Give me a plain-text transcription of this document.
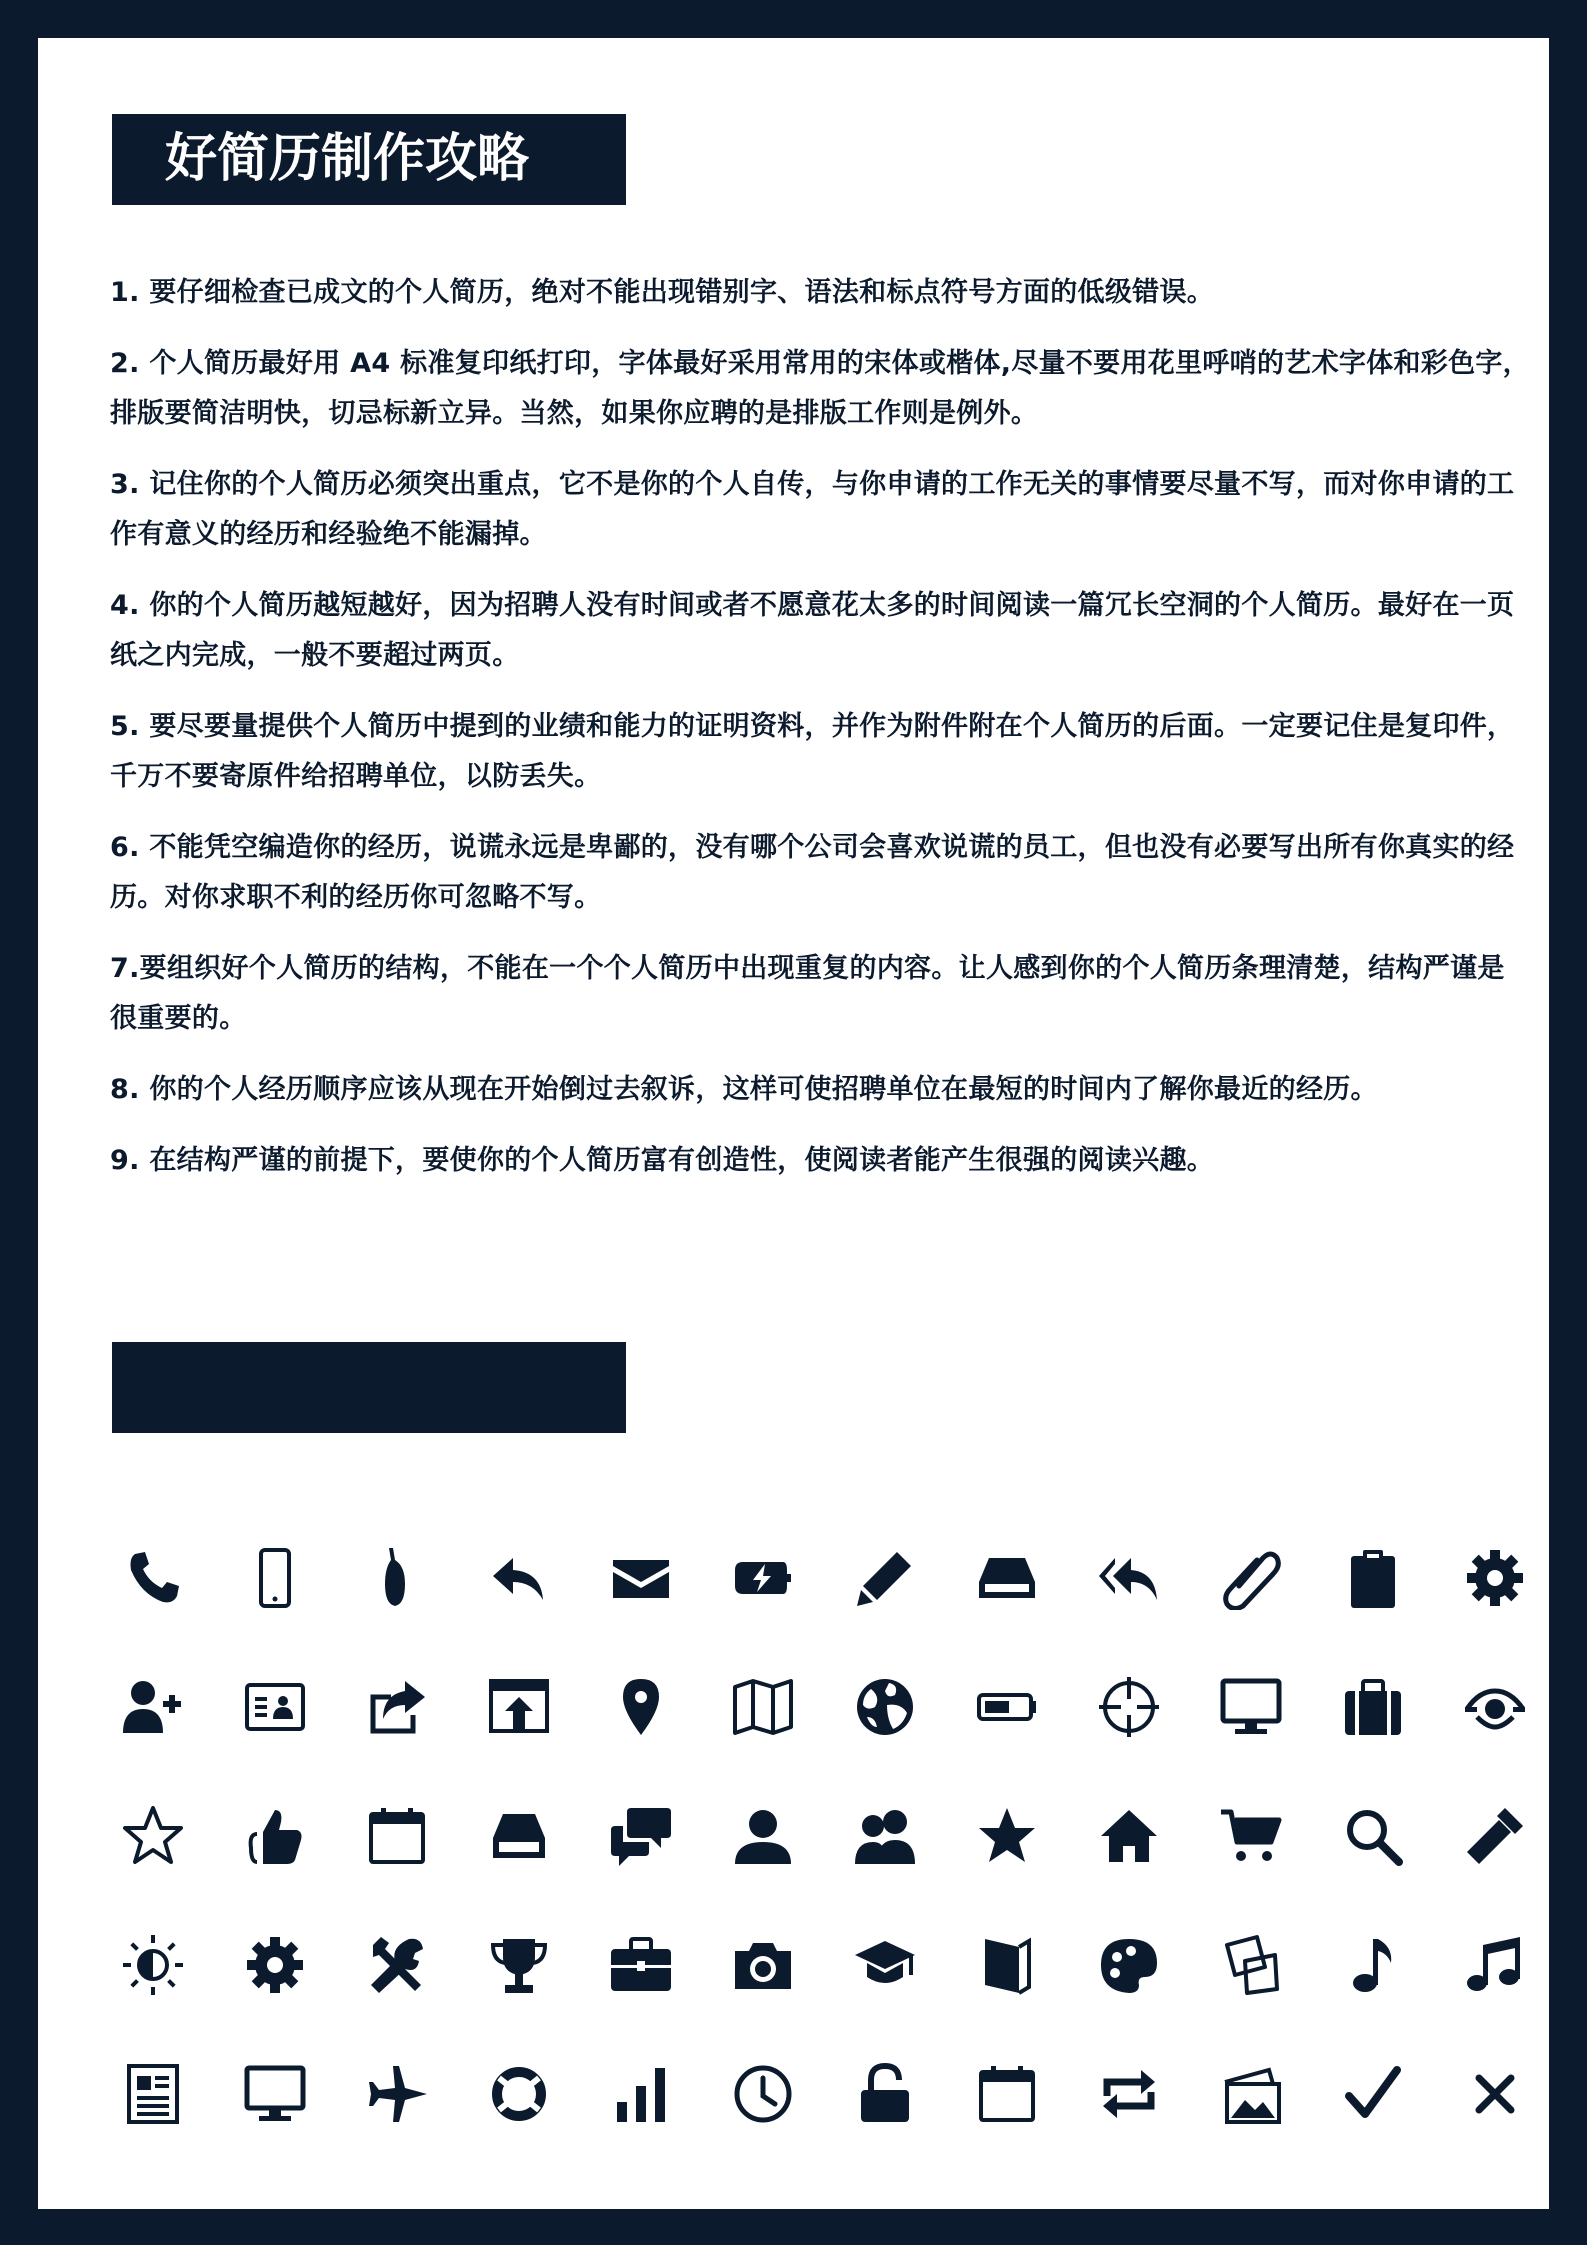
好简历制作攻略
1. 要仔细检查已成文的个人简历，绝对不能出现错别字、语法和标点符号方面的低级错误。
2. 个人简历最好用 A4 标准复印纸打印，字体最好采用常用的宋体或楷体,尽量不要用花里呼哨的艺术字体和彩色字，排版要简洁明快，切忌标新立异。当然，如果你应聘的是排版工作则是例外。
3. 记住你的个人简历必须突出重点，它不是你的个人自传，与你申请的工作无关的事情要尽量不写，而对你申请的工作有意义的经历和经验绝不能漏掉。
4. 你的个人简历越短越好，因为招聘人没有时间或者不愿意花太多的时间阅读一篇冗长空洞的个人简历。最好在一页纸之内完成，一般不要超过两页。
5. 要尽要量提供个人简历中提到的业绩和能力的证明资料，并作为附件附在个人简历的后面。一定要记住是复印件，千万不要寄原件给招聘单位，以防丢失。
6. 不能凭空编造你的经历，说谎永远是卑鄙的，没有哪个公司会喜欢说谎的员工，但也没有必要写出所有你真实的经历。对你求职不利的经历你可忽略不写。
7.要组织好个人简历的结构，不能在一个个人简历中出现重复的内容。让人感到你的个人简历条理清楚，结构严谨是很重要的。
8. 你的个人经历顺序应该从现在开始倒过去叙诉，这样可使招聘单位在最短的时间内了解你最近的经历。
9. 在结构严谨的前提下，要使你的个人简历富有创造性，使阅读者能产生很强的阅读兴趣。
